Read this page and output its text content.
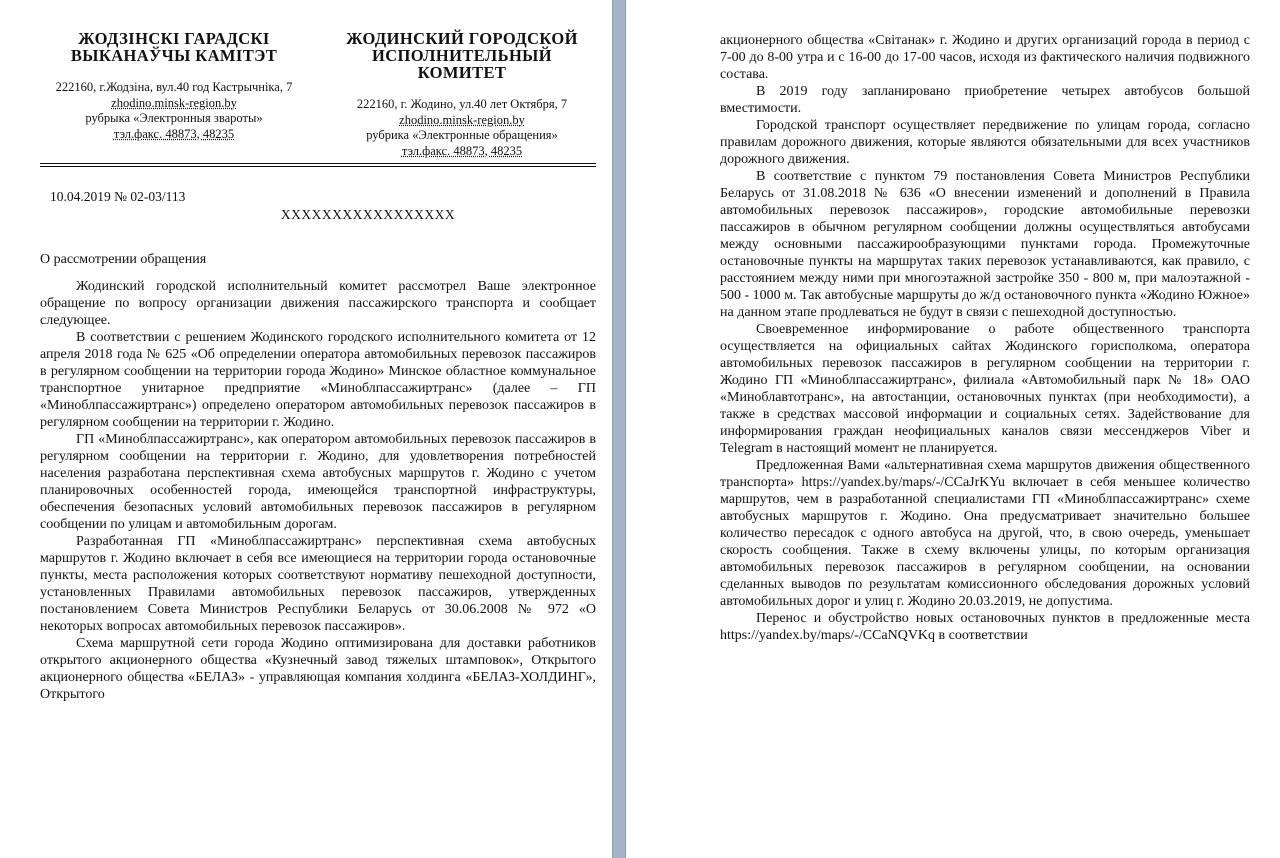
ЖОДЗІНСКІ ГАРАДСКІ
ВЫКАНАЎЧЫ КАМІТЭТ
222160, г.Жодзіна, вул.40 год Кастрычніка, 7
zhodino.minsk-region.by
рубрыка «Электронныя звароты»
тэл.факс. 48873, 48235
ЖОДИНСКИЙ ГОРОДСКОЙ
ИСПОЛНИТЕЛЬНЫЙ
КОМИТЕТ
222160, г. Жодино, ул.40 лет Октября, 7
zhodino.minsk-region.by
рубрика «Электронные обращения»
тэл.факс. 48873, 48235
10.04.2019 № 02-03/113
ХХХХХХХХХХХХХХХХХ
О рассмотрении обращения

Жодинский городской исполнительный комитет рассмотрел Ваше электронное обращение по вопросу организации движения пассажирского транспорта и сообщает следующее.

В соответствии с решением Жодинского городского исполнительного комитета от 12 апреля 2018 года № 625 «Об определении оператора автомобильных перевозок пассажиров в регулярном сообщении на территории города Жодино» Минское областное коммунальное транспортное унитарное предприятие «Миноблпассажиртранс» (далее – ГП «Миноблпассажиртранс») определено оператором автомобильных перевозок пассажиров в регулярном сообщении на территории г. Жодино.

ГП «Миноблпассажиртранс», как оператором автомобильных перевозок пассажиров в регулярном сообщении на территории г. Жодино, для удовлетворения потребностей населения разработана перспективная схема автобусных маршрутов г. Жодино с учетом планировочных особенностей города, имеющейся транспортной инфраструктуры, обеспечения безопасных условий автомобильных перевозок пассажиров в регулярном сообщении по улицам и автомобильным дорогам.

Разработанная ГП «Миноблпассажиртранс» перспективная схема автобусных маршрутов г. Жодино включает в себя все имеющиеся на территории города остановочные пункты, места расположения которых соответствуют нормативу пешеходной доступности, установленных Правилами автомобильных перевозок пассажиров, утвержденных постановлением Совета Министров Республики Беларусь от 30.06.2008 № 972 «О некоторых вопросах автомобильных перевозок пассажиров».

Схема маршрутной сети города Жодино оптимизирована для доставки работников открытого акционерного общества «Кузнечный завод тяжелых штамповок», Открытого акционерного общества «БЕЛАЗ» - управляющая компания холдинга «БЕЛАЗ-ХОЛДИНГ», Открытого

акционерного общества «Світанак» г. Жодино и других организаций города в период с 7-00 до 8-00 утра и с 16-00 до 17-00 часов, исходя из фактического наличия подвижного состава.

В 2019 году запланировано приобретение четырех автобусов большой вместимости.

Городской транспорт осуществляет передвижение по улицам города, согласно правилам дорожного движения, которые являются обязательными для всех участников дорожного движения.

В соответствие с пунктом 79 постановления Совета Министров Республики Беларусь от 31.08.2018 № 636 «О внесении изменений и дополнений в Правила автомобильных перевозок пассажиров», городские автомобильные перевозки пассажиров в обычном регулярном сообщении должны осуществляться автобусами между основными пассажирообразующими пунктами города. Промежуточные остановочные пункты на маршрутах таких перевозок устанавливаются, как правило, с расстоянием между ними при многоэтажной застройке 350 - 800 м, при малоэтажной - 500 - 1000 м. Так автобусные маршруты до ж/д остановочного пункта «Жодино Южное» на данном этапе продлеваться не будут в связи с пешеходной доступностью.

Своевременное информирование о работе общественного транспорта осуществляется на официальных сайтах Жодинского горисполкома, оператора автомобильных перевозок пассажиров в регулярном сообщении на территории г. Жодино ГП «Миноблпассажиртранс», филиала «Автомобильный парк № 18» ОАО «Миноблавтотранс», на автостанции, остановочных пунктах (при необходимости), а также в средствах массовой информации и социальных сетях. Задействование для информирования граждан неофициальных каналов связи мессенджеров Viber и Telegram в настоящий момент не планируется.

Предложенная Вами «альтернативная схема маршрутов движения общественного транспорта» https://yandex.by/maps/-/CCaJrKYu включает в себя меньшее количество маршрутов, чем в разработанной специалистами ГП «Миноблпассажиртранс» схеме автобусных маршрутов г. Жодино. Она предусматривает значительно большее количество пересадок с одного автобуса на другой, что, в свою очередь, уменьшает скорость сообщения. Также в схему включены улицы, по которым организация автомобильных перевозок пассажиров в регулярном сообщении, на основании сделанных выводов по результатам комиссионного обследования дорожных условий автомобильных дорог и улиц г. Жодино 20.03.2019, не допустима.

Перенос и обустройство новых остановочных пунктов в предложенные места https://yandex.by/maps/-/CCaNQVKq в соответствии
